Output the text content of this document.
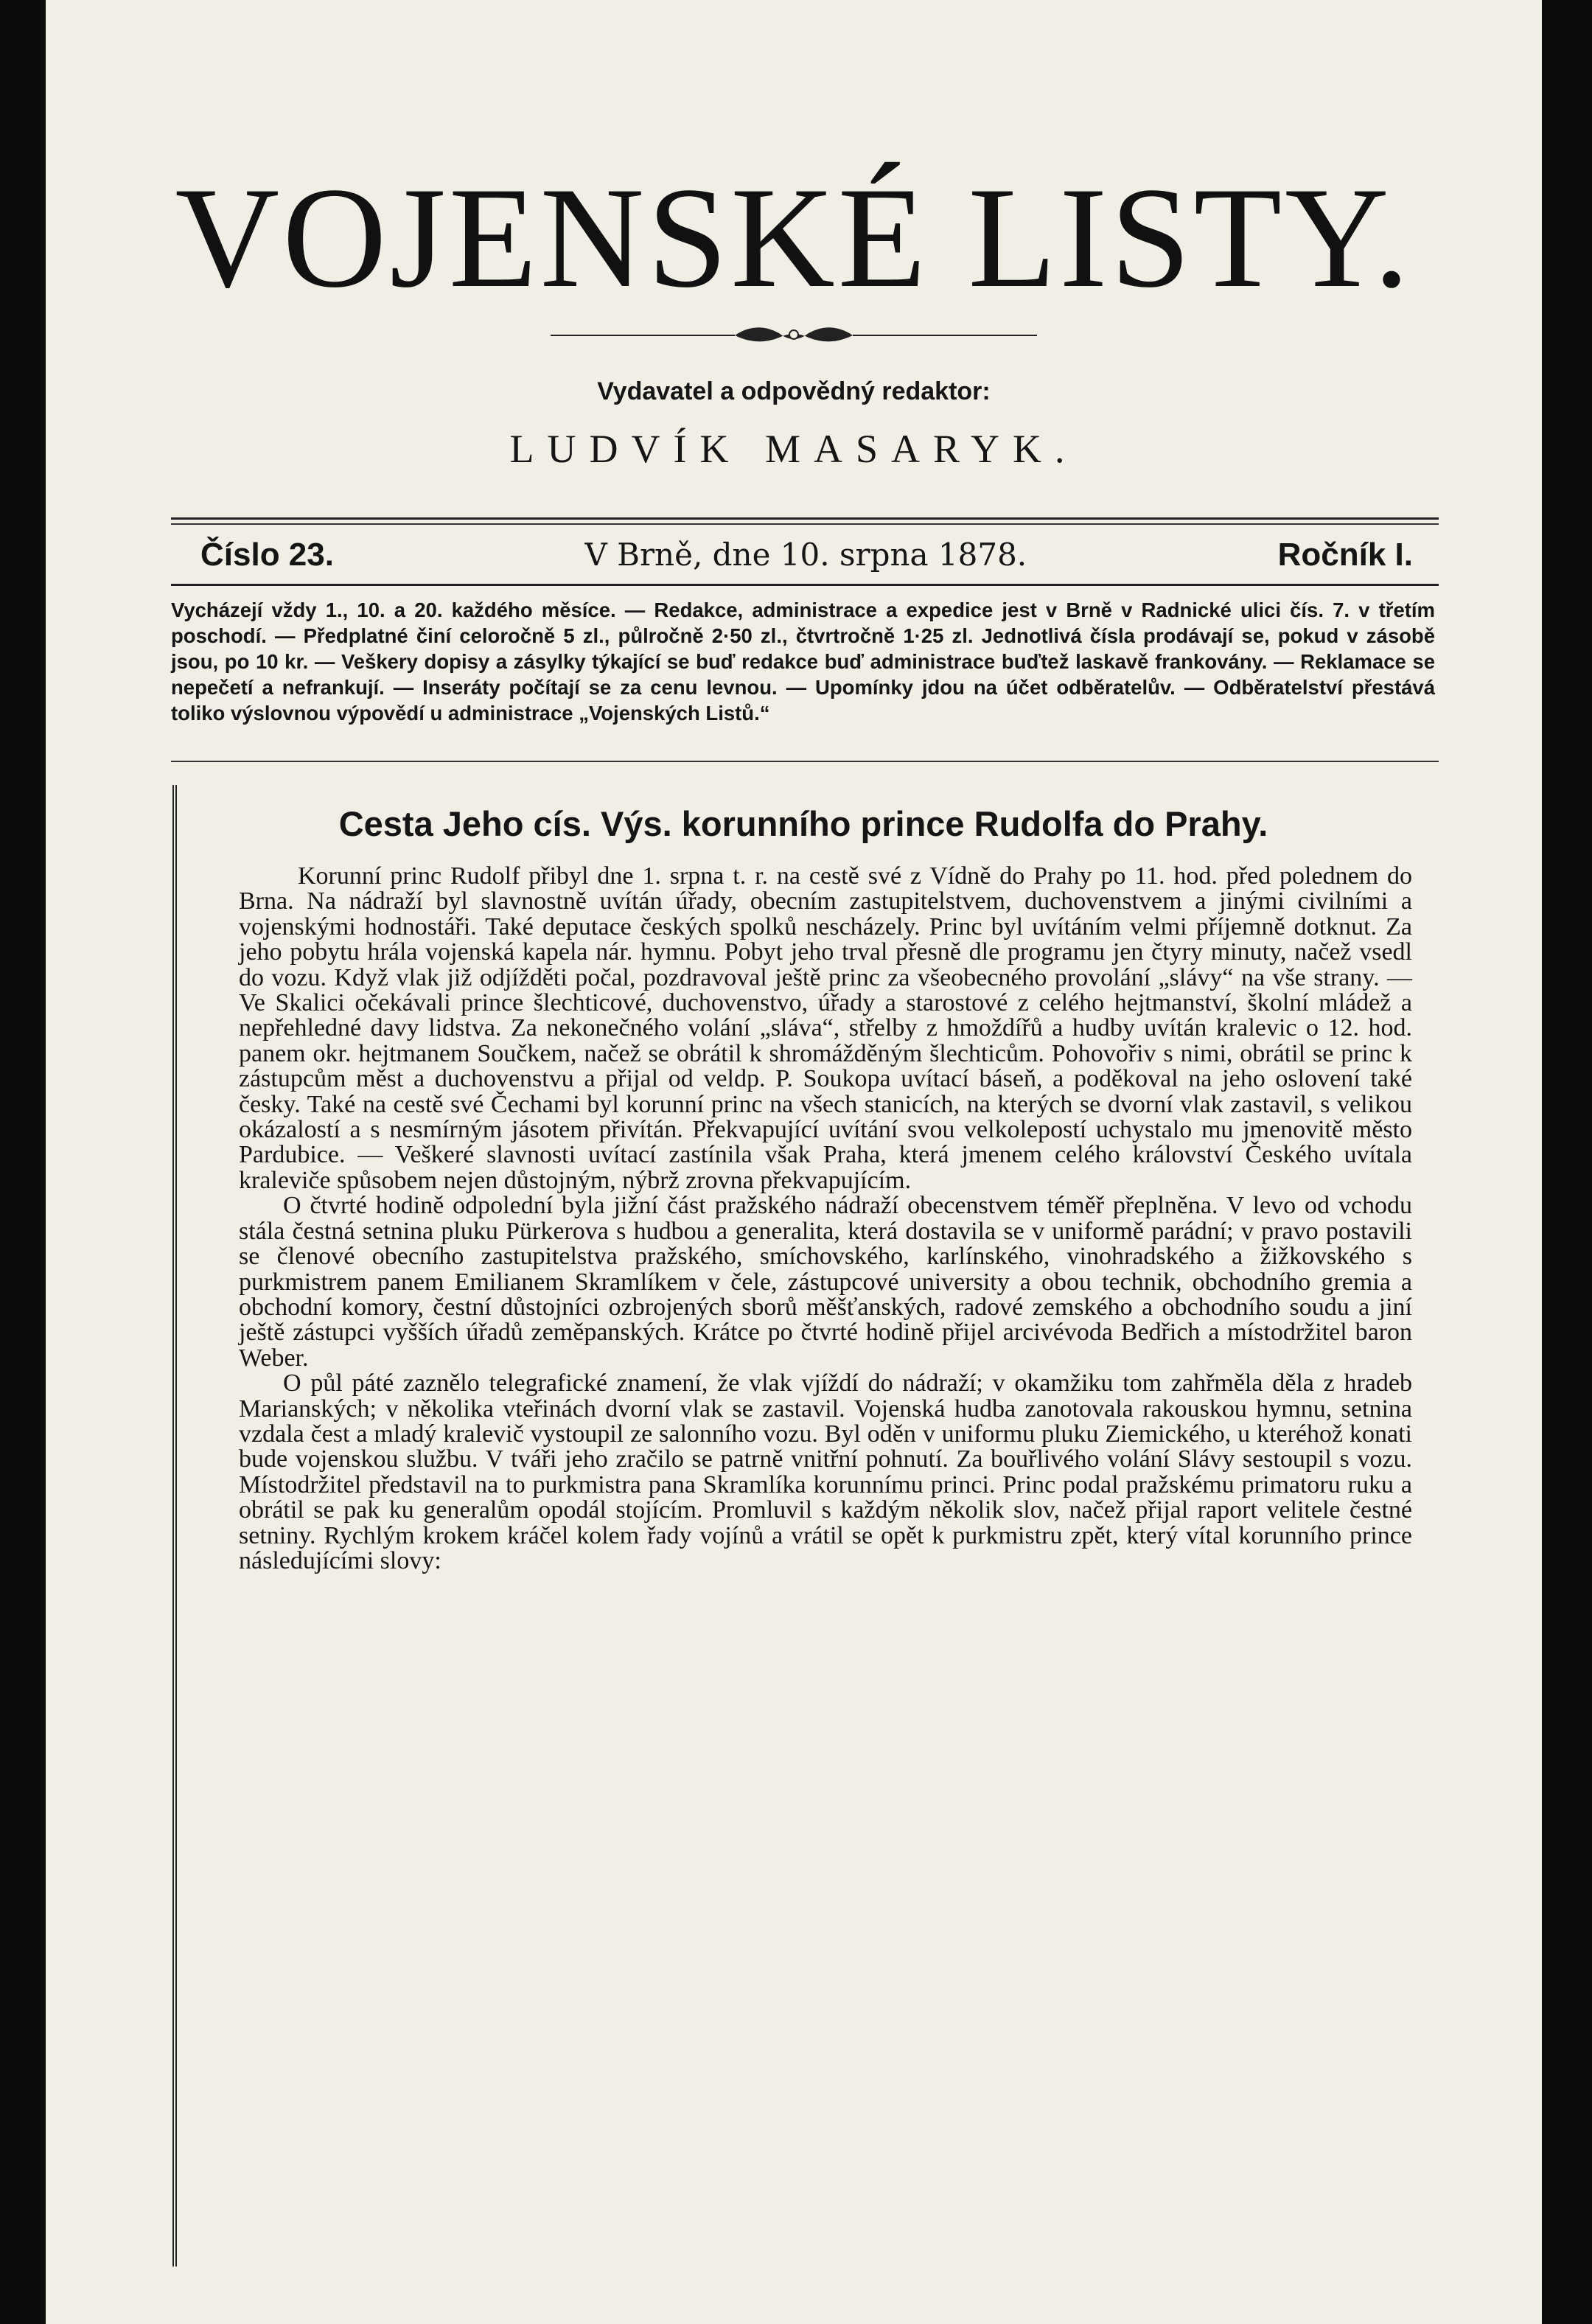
VOJENSKÉ LISTY.
Vydavatel a odpovědný redaktor:
LUDVÍK MASARYK.
Číslo 23.	V Brně, dne 10. srpna 1878.	Ročník I.

Vycházejí vždy 1., 10. a 20. každého měsíce. — Redakce, administrace a expedice jest v Brně v Radnické ulici čís. 7. v třetím poschodí. — Předplatné činí celoročně 5 zl., půlročně 2·50 zl., čtvrtročně 1·25 zl. Jednotlivá čísla prodávají se, pokud v zásobě jsou, po 10 kr. — Veškery dopisy a zásylky týkající se buď redakce buď administrace buďtež laskavě frankovány. — Reklamace se nepečetí a nefrankují. — Inseráty počítají se za cenu levnou. — Upomínky jdou na účet odběratelův. — Odběratelství přestává toliko výslovnou výpovědí u administrace „Vojenských Listů.“

Cesta Jeho cís. Výs. korunního prince Rudolfa do Prahy.

Korunní princ Rudolf přibyl dne 1. srpna t. r. na cestě své z Vídně do Prahy po 11. hod. před polednem do Brna. Na nádraží byl slavnostně uvítán úřady, obecním zastupitelstvem, duchovenstvem a jinými civilními a vojenskými hodnostáři. Také deputace českých spolků nescházely. Princ byl uvítáním velmi příjemně dotknut. Za jeho pobytu hrála vojenská kapela nár. hymnu. Pobyt jeho trval přesně dle programu jen čtyry minuty, načež vsedl do vozu. Když vlak již odjížděti počal, pozdravoval ještě princ za všeobecného provolání „slávy“ na vše strany. — Ve Skalici očekávali prince šlechticové, duchovenstvo, úřady a starostové z celého hejtmanství, školní mládež a nepřehledné davy lidstva. Za nekonečného volání „sláva“, střelby z hmoždířů a hudby uvítán kralevic o 12. hod. panem okr. hejtmanem Součkem, načež se obrátil k shromážděným šlechticům. Pohovořiv s nimi, obrátil se princ k zástupcům měst a duchovenstvu a přijal od veldp. P. Soukopa uvítací báseň, a poděkoval na jeho oslovení také česky. Také na cestě své Čechami byl korunní princ na všech stanicích, na kterých se dvorní vlak zastavil, s velikou okázalostí a s nesmírným jásotem přivítán. Překvapující uvítání svou velkolepostí uchystalo mu jmenovitě město Pardubice. — Veškeré slavnosti uvítací zastínila však Praha, která jmenem celého království Českého uvítala kraleviče spůsobem nejen důstojným, nýbrž zrovna překvapujícím.

O čtvrté hodině odpolední byla jižní část pražského nádraží obecenstvem téměř přeplněna. V levo od vchodu stála čestná setnina pluku Pürkerova s hudbou a generalita, která dostavila se v uniformě parádní; v pravo postavili se členové obecního zastupitelstva pražského, smíchovského, karlínského, vinohradského a žižkovského s purkmistrem panem Emilianem Skramlíkem v čele, zástupcové university a obou technik, obchodního gremia a obchodní komory, čestní důstojníci ozbrojených sborů měšťanských, radové zemského a obchodního soudu a jiní ještě zástupci vyšších úřadů zeměpanských. Krátce po čtvrté hodině přijel arcivévoda Bedřich a místodržitel baron Weber.

O půl páté zaznělo telegrafické znamení, že vlak vjíždí do nádraží; v okamžiku tom zahřměla děla z hradeb Marianských; v několika vteřinách dvorní vlak se zastavil. Vojenská hudba zanotovala rakouskou hymnu, setnina vzdala čest a mladý kralevič vystoupil ze salonního vozu. Byl oděn v uniformu pluku Ziemického, u kteréhož konati bude vojenskou službu. V tváři jeho zračilo se patrně vnitřní pohnutí. Za bouřlivého volání Slávy sestoupil s vozu. Místodržitel představil na to purkmistra pana Skramlíka korunnímu princi. Princ podal pražskému primatoru ruku a obrátil se pak ku generalům opodál stojícím. Promluvil s každým několik slov, načež přijal raport velitele čestné setniny. Rychlým krokem kráčel kolem řady vojínů a vrátil se opět k purkmistru zpět, který vítal korunního prince následujícími slovy:
